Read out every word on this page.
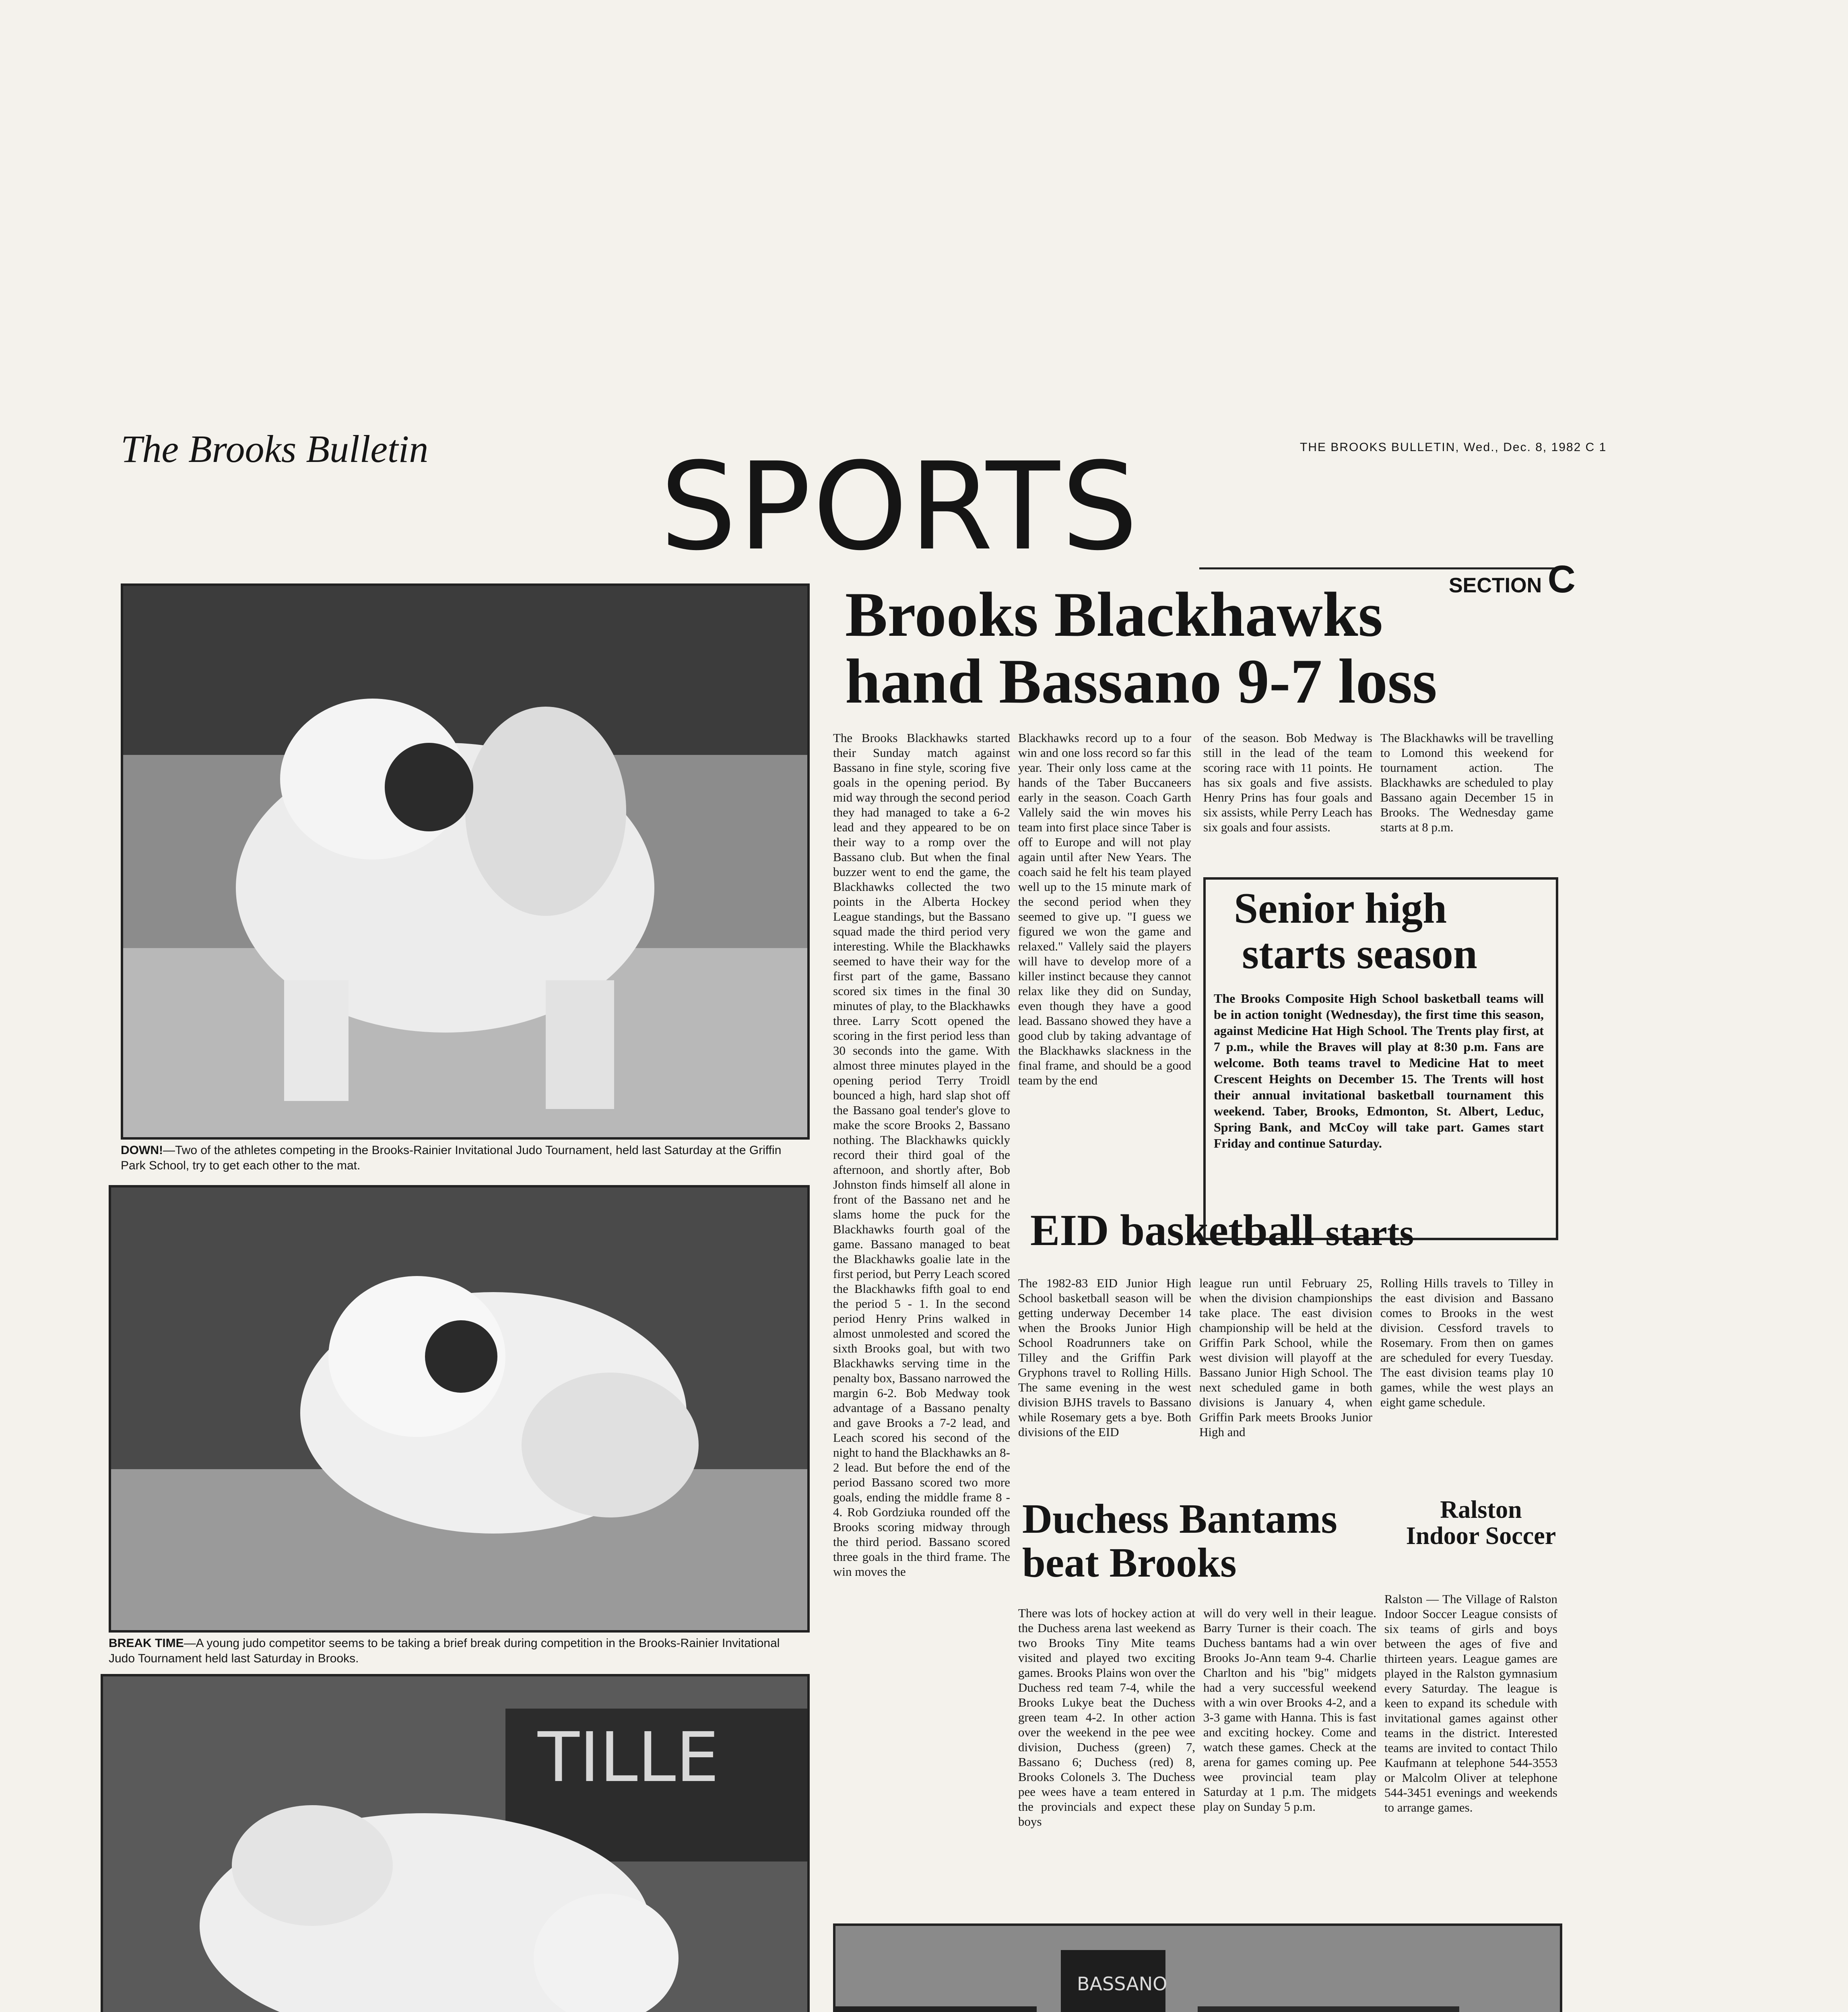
The Brooks Bulletin	THE BROOKS BULLETIN, Wed., Dec. 8, 1982 C 1
SPORTS
SECTION C
DOWN!—Two of the athletes competing in the Brooks-Rainier Invitational Judo Tournament, held last Saturday at the Griffin Park School, try to get each other to the mat.
BREAK TIME—A young judo competitor seems to be taking a brief break during competition in the Brooks-Rainier Invitational Judo Tournament held last Saturday in Brooks.
TILLE
Brooks Blackhawks
hand Bassano 9-7 loss
The Brooks Blackhawks started their Sunday match against Bassano in fine style, scoring five goals in the opening period. By mid way through the second period they had managed to take a 6-2 lead and they appeared to be on their way to a romp over the Bassano club. But when the final buzzer went to end the game, the Blackhawks collected the two points in the Alberta Hockey League standings, but the Bassano squad made the third period very interesting. While the Blackhawks seemed to have their way for the first part of the game, Bassano scored six times in the final 30 minutes of play, to the Blackhawks three. Larry Scott opened the scoring in the first period less than 30 seconds into the game. With almost three minutes played in the opening period Terry Troidl bounced a high, hard slap shot off the Bassano goal tender's glove to make the score Brooks 2, Bassano nothing. The Blackhawks quickly record their third goal of the afternoon, and shortly after, Bob Johnston finds himself all alone in front of the Bassano net and he slams home the puck for the Blackhawks fourth goal of the game. Bassano managed to beat the Blackhawks goalie late in the first period, but Perry Leach scored the Blackhawks fifth goal to end the period 5 - 1. In the second period Henry Prins walked in almost unmolested and scored the sixth Brooks goal, but with two Blackhawks serving time in the penalty box, Bassano narrowed the margin 6-2. Bob Medway took advantage of a Bassano penalty and gave Brooks a 7-2 lead, and Leach scored his second of the night to hand the Blackhawks an 8-2 lead. But before the end of the period Bassano scored two more goals, ending the middle frame 8 - 4. Rob Gordziuka rounded off the Brooks scoring midway through the third period. Bassano scored three goals in the third frame. The win moves the
Blackhawks record up to a four win and one loss record so far this year. Their only loss came at the hands of the Taber Buccaneers early in the season. Coach Garth Vallely said the win moves his team into first place since Taber is off to Europe and will not play again until after New Years. The coach said he felt his team played well up to the 15 minute mark of the second period when they seemed to give up. "I guess we figured we won the game and relaxed." Vallely said the players will have to develop more of a killer instinct because they cannot relax like they did on Sunday, even though they have a good lead. Bassano showed they have a good club by taking advantage of the Blackhawks slackness in the final frame, and should be a good team by the end
of the season. Bob Medway is still in the lead of the team scoring race with 11 points. He has six goals and five assists. Henry Prins has four goals and six assists, while Perry Leach has six goals and four assists.
The Blackhawks will be travelling to Lomond this weekend for tournament action. The Blackhawks are scheduled to play Bassano again December 15 in Brooks. The Wednesday game starts at 8 p.m.
Senior high
starts season
The Brooks Composite High School basketball teams will be in action tonight (Wednesday), the first time this season, against Medicine Hat High School. The Trents play first, at 7 p.m., while the Braves will play at 8:30 p.m. Fans are welcome. Both teams travel to Medicine Hat to meet Crescent Heights on December 15. The Trents will host their annual invitational basketball tournament this weekend. Taber, Brooks, Edmonton, St. Albert, Leduc, Spring Bank, and McCoy will take part. Games start Friday and continue Saturday.
EID basketball starts
The 1982-83 EID Junior High School basketball season will be getting underway December 14 when the Brooks Junior High School Roadrunners take on Tilley and the Griffin Park Gryphons travel to Rolling Hills. The same evening in the west division BJHS travels to Bassano while Rosemary gets a bye. Both divisions of the EID
league run until February 25, when the division championships take place. The east division championship will be held at the Griffin Park School, while the west division will playoff at the Bassano Junior High School. The next scheduled game in both divisions is January 4, when Griffin Park meets Brooks Junior High and
Rolling Hills travels to Tilley in the east division and Bassano comes to Brooks in the west division. Cessford travels to Rosemary. From then on games are scheduled for every Tuesday. The east division teams play 10 games, while the west plays an eight game schedule.
Duchess Bantams
beat Brooks
There was lots of hockey action at the Duchess arena last weekend as two Brooks Tiny Mite teams visited and played two exciting games. Brooks Plains won over the Duchess red team 7-4, while the Brooks Lukye beat the Duchess green team 4-2. In other action over the weekend in the pee wee division, Duchess (green) 7, Bassano 6; Duchess (red) 8, Brooks Colonels 3. The Duchess pee wees have a team entered in the provincials and expect these boys
will do very well in their league. Barry Turner is their coach. The Duchess bantams had a win over Brooks Jo-Ann team 9-4. Charlie Charlton and his "big" midgets had a very successful weekend with a win over Brooks 4-2, and a 3-3 game with Hanna. This is fast and exciting hockey. Come and watch these games. Check at the arena for games coming up. Pee wee provincial team play Saturday at 1 p.m. The midgets play on Sunday 5 p.m.
Ralston Indoor Soccer
Ralston — The Village of Ralston Indoor Soccer League consists of six teams of girls and boys between the ages of five and thirteen years. League games are played in the Ralston gymnasium every Saturday. The league is keen to expand its schedule with invitational games against other teams in the district. Interested teams are invited to contact Thilo Kaufmann at telephone 544-3553 or Malcolm Oliver at telephone 544-3451 evenings and weekends to arrange games.
BASSANO
